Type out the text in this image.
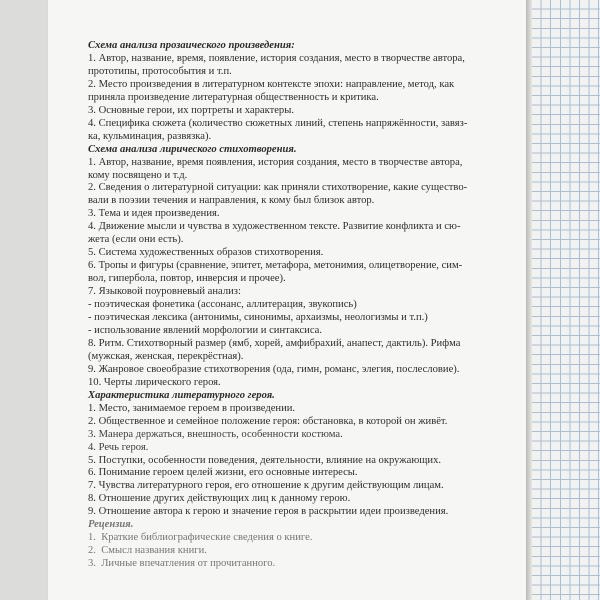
Схема анализа прозаического произведения:
1. Автор, название, время, появление, история создания, место в творчестве автора,
прототипы, протособытия и т.п.
2. Место произведения в литературном контексте эпохи: направление, метод, как
приняла произведение литературная общественность и критика.
3. Основные герои, их портреты и характеры.
4. Специфика сюжета (количество сюжетных линий, степень напряжённости, завяз-
ка, кульминация, развязка).
Схема анализа лирического стихотворения.
1. Автор, название, время появления, история создания, место в творчестве автора,
кому посвящено и т.д.
2. Сведения о литературной ситуации: как приняли стихотворение, какие существо-
вали в поэзии течения и направления, к кому был близок автор.
3. Тема и идея произведения.
4. Движение мысли и чувства в художественном тексте. Развитие конфликта и сю-
жета (если они есть).
5. Система художественных образов стихотворения.
6. Тропы и фигуры (сравнение, эпитет, метафора, метонимия, олицетворение, сим-
вол, гипербола, повтор, инверсия и прочее).
7. Языковой поуровневый анализ:
- поэтическая фонетика (ассонанс, аллитерация, звукопись)
- поэтическая лексика (антонимы, синонимы, архаизмы, неологизмы и т.п.)
- использование явлений морфологии и синтаксиса.
8. Ритм. Стихотворный размер (ямб, хорей, амфибрахий, анапест, дактиль). Рифма
(мужская, женская, перекрёстная).
9. Жанровое своеобразие стихотворения (ода, гимн, романс, элегия, послесловие).
10. Черты лирического героя.
Характеристика литературного героя.
1. Место, занимаемое героем в произведении.
2. Общественное и семейное положение героя: обстановка, в которой он живёт.
3. Манера держаться, внешность, особенности костюма.
4. Речь героя.
5. Поступки, особенности поведения, деятельности, влияние на окружающих.
6. Понимание героем целей жизни, его основные интересы.
7. Чувства литературного героя, его отношение к другим действующим лицам.
8. Отношение других действующих лиц к данному герою.
9. Отношение автора к герою и значение героя в раскрытии идеи произведения.
Рецензия.
1.  Краткие библиографические сведения о книге.
2.  Смысл названия книги.
3.  Личные впечатления от прочитанного.
